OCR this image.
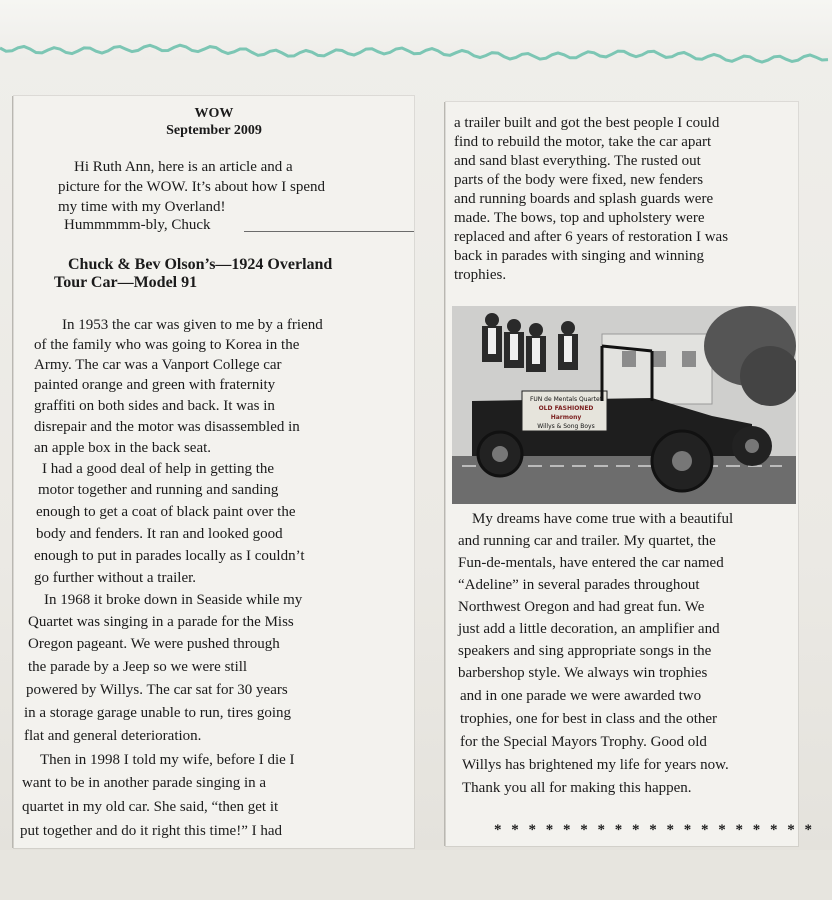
WOW
September 2009
Hi Ruth Ann, here is an article and a
picture for the WOW. It’s about how I spend
my time with my Overland!
Hummmmm-bly, Chuck
Chuck & Bev Olson’s—1924 Overland
Tour Car—Model 91
In 1953 the car was given to me by a friend
of the family who was going to Korea in the
Army. The car was a Vanport College car
painted orange and green with fraternity
graffiti on both sides and back. It was in
disrepair and the motor was disassembled in
an apple box in the back seat.
I had a good deal of help in getting the
motor together and running and sanding
enough to get a coat of black paint over the
body and fenders. It ran and looked good
enough to put in parades locally as I couldn’t
go further without a trailer.
In 1968 it broke down in Seaside while my
Quartet was singing in a parade for the Miss
Oregon pageant. We were pushed through
the parade by a Jeep so we were still
powered by Willys. The car sat for 30 years
in a storage garage unable to run, tires going
flat and general deterioration.
Then in 1998 I told my wife, before I die I
want to be in another parade singing in a
quartet in my old car. She said, “then get it
put together and do it right this time!” I had
a trailer built and got the best people I could
find to rebuild the motor, take the car apart
and sand blast everything. The rusted out
parts of the body were fixed, new fenders
and running boards and splash guards were
made. The bows, top and upholstery were
replaced and after 6 years of restoration I was
back in parades with singing and winning
trophies.
My dreams have come true with a beautiful
and running car and trailer. My quartet, the
Fun-de-mentals, have entered the car named
“Adeline” in several parades throughout
Northwest Oregon and had great fun. We
just add a little decoration, an amplifier and
speakers and sing appropriate songs in the
barbershop style. We always win trophies
and in one parade we were awarded two
trophies, one for best in class and the other
for the Special Mayors Trophy. Good old
Willys has brightened my life for years now.
Thank you all for making this happen.
FUN de Mentals Quartet
OLD FASHIONED Harmony
Willys & Song Boys
* * * * * * * * * * * * * * * * * * *
